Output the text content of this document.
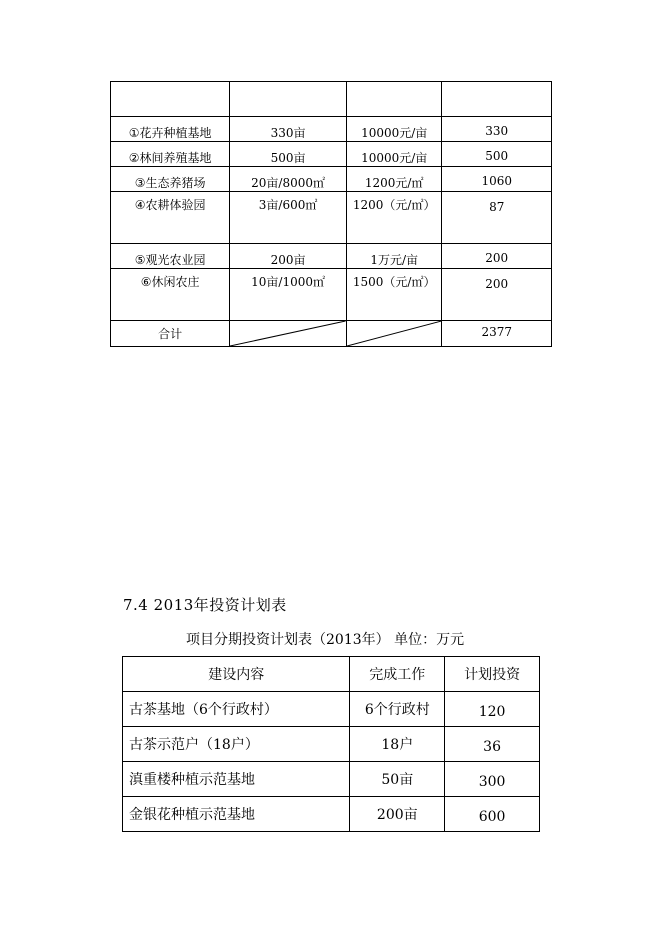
①花卉种植基地	330亩	10000元/亩	330
②林间养殖基地	500亩	10000元/亩	500
③生态养猪场	20亩/8000㎡	1200元/㎡	1060
④农耕体验园	3亩/600㎡	1200（元/㎡）	87
⑤观光农业园	200亩	1万元/亩	200
⑥休闲农庄	10亩/1000㎡	1500（元/㎡）	200
合计			2377
7.4 2013年投资计划表
项目分期投资计划表（2013年） 单位：万元
建设内容	完成工作	计划投资
古茶基地（6个行政村）	6个行政村	120
古茶示范户（18户）	18户	36
滇重楼种植示范基地	50亩	300
金银花种植示范基地	200亩	600
